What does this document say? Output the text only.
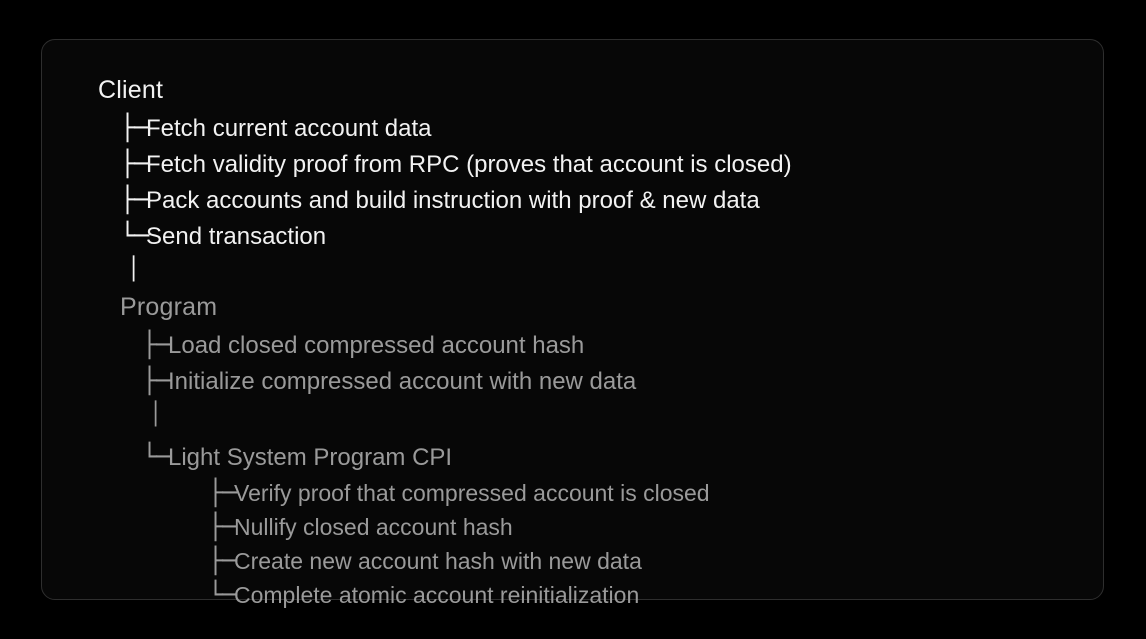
Client
├─
Fetch current account data
├─
Fetch validity proof from RPC (proves that account is closed)
├─
Pack accounts and build instruction with proof & new data
└─
Send transaction
│
Program
├─
Load closed compressed account hash
├─
Initialize compressed account with new data
│
└─
Light System Program CPI
├─
Verify proof that compressed account is closed
├─
Nullify closed account hash
├─
Create new account hash with new data
└─
Complete atomic account reinitialization
